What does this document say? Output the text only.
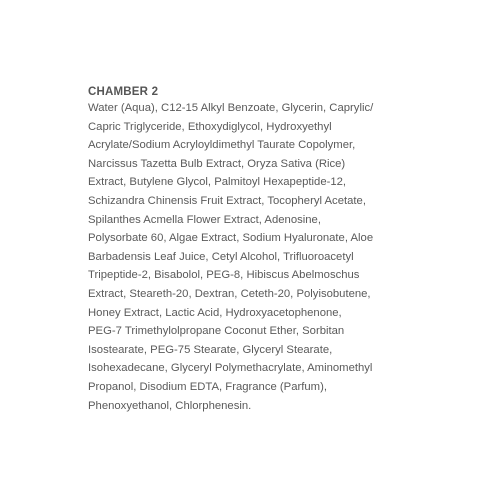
CHAMBER 2
Water (Aqua), C12-15 Alkyl Benzoate, Glycerin, Caprylic/
Capric Triglyceride, Ethoxydiglycol, Hydroxyethyl
Acrylate/Sodium Acryloyldimethyl Taurate Copolymer,
Narcissus Tazetta Bulb Extract, Oryza Sativa (Rice)
Extract, Butylene Glycol, Palmitoyl Hexapeptide-12,
Schizandra Chinensis Fruit Extract, Tocopheryl Acetate,
Spilanthes Acmella Flower Extract, Adenosine,
Polysorbate 60, Algae Extract, Sodium Hyaluronate, Aloe
Barbadensis Leaf Juice, Cetyl Alcohol, Trifluoroacetyl
Tripeptide-2, Bisabolol, PEG-8, Hibiscus Abelmoschus
Extract, Steareth-20, Dextran, Ceteth-20, Polyisobutene,
Honey Extract, Lactic Acid, Hydroxyacetophenone,
PEG-7 Trimethylolpropane Coconut Ether, Sorbitan
Isostearate, PEG-75 Stearate, Glyceryl Stearate,
Isohexadecane, Glyceryl Polymethacrylate, Aminomethyl
Propanol, Disodium EDTA, Fragrance (Parfum),
Phenoxyethanol, Chlorphenesin.
